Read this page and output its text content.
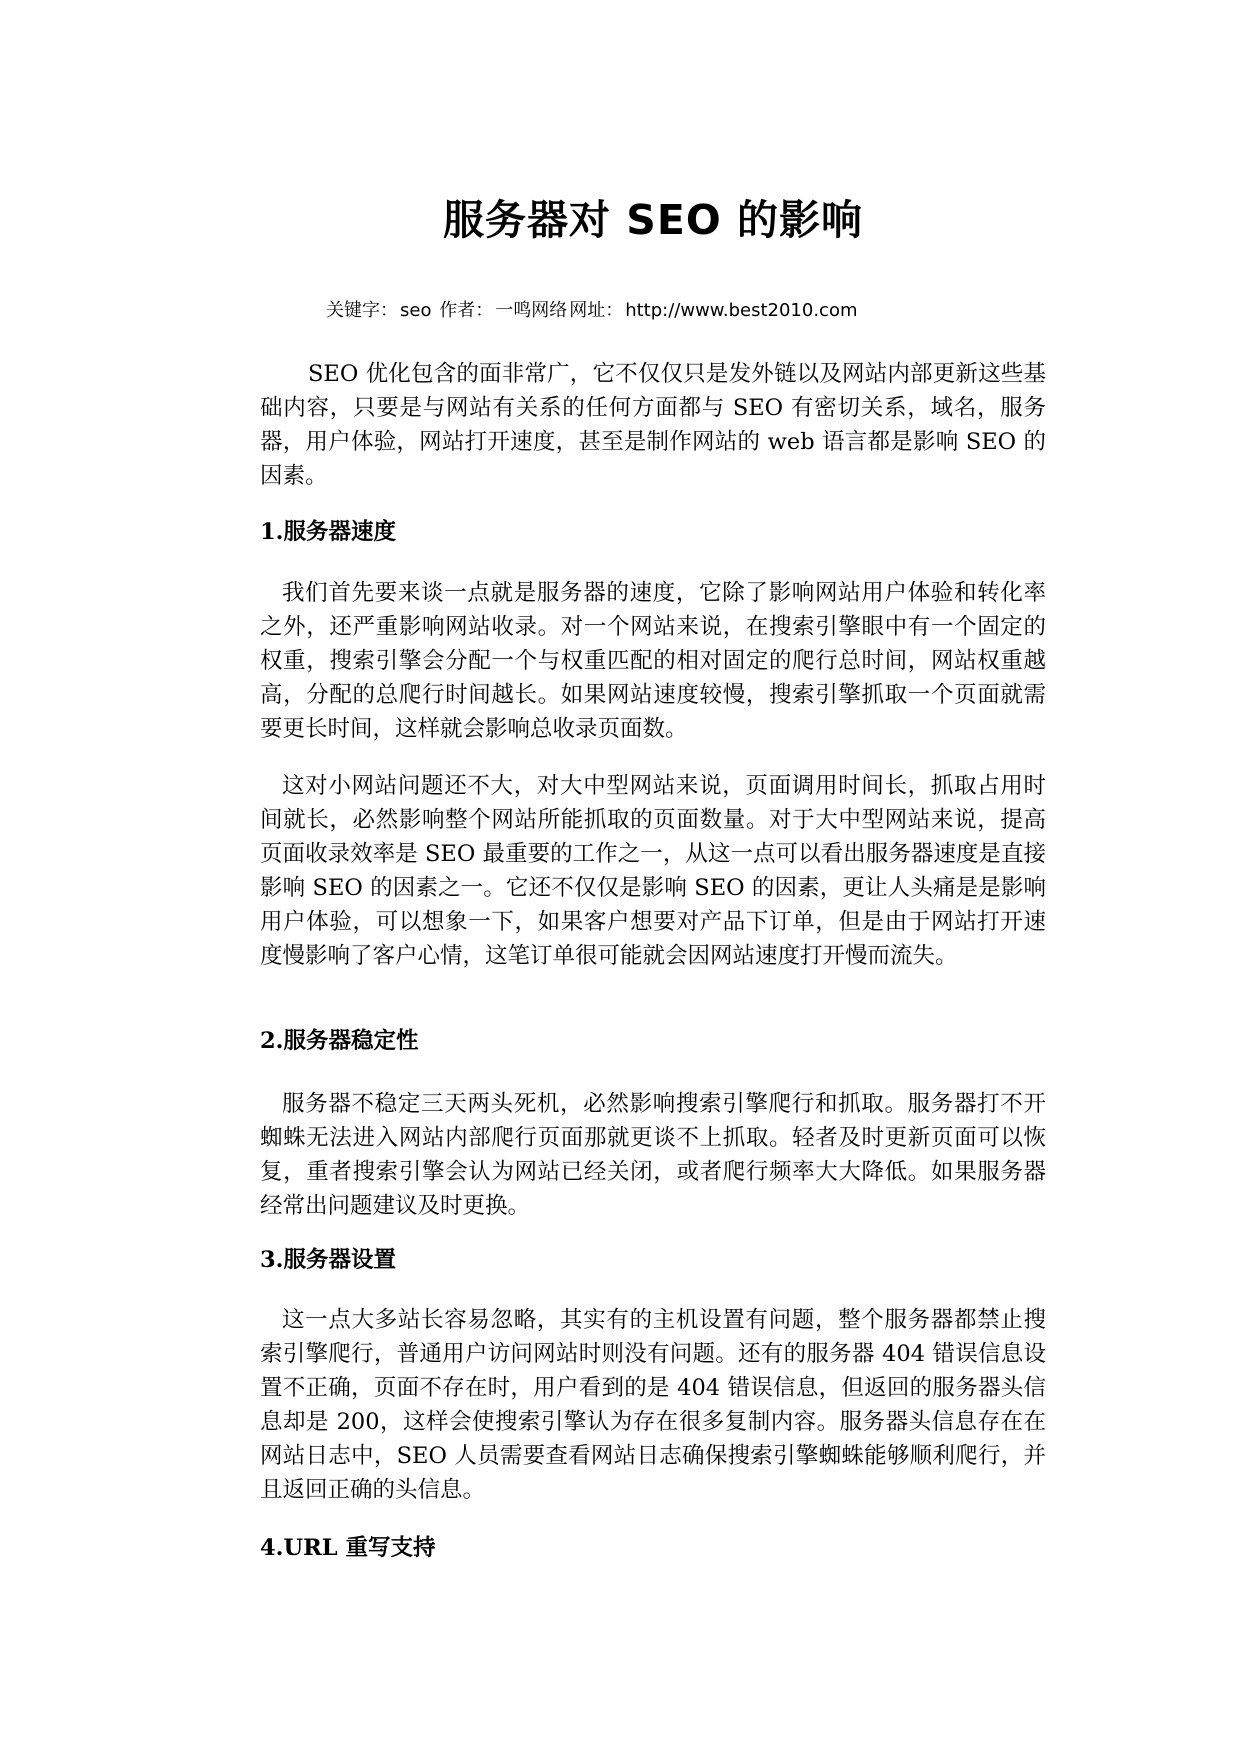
服务器对 SEO 的影响

关键字： seo 作者： 一鸣网络 网址： http://www.best2010.com

SEO 优化包含的面非常广，它不仅仅只是发外链以及网站内部更新这些基础内容，只要是与网站有关系的任何方面都与 SEO 有密切关系，域名，服务器，用户体验，网站打开速度，甚至是制作网站的 web 语言都是影响 SEO 的因素。

1.服务器速度

我们首先要来谈一点就是服务器的速度，它除了影响网站用户体验和转化率之外，还严重影响网站收录。对一个网站来说，在搜索引擎眼中有一个固定的权重，搜索引擎会分配一个与权重匹配的相对固定的爬行总时间，网站权重越高，分配的总爬行时间越长。如果网站速度较慢，搜索引擎抓取一个页面就需要更长时间，这样就会影响总收录页面数。

这对小网站问题还不大，对大中型网站来说，页面调用时间长，抓取占用时间就长，必然影响整个网站所能抓取的页面数量。对于大中型网站来说，提高页面收录效率是 SEO 最重要的工作之一，从这一点可以看出服务器速度是直接影响 SEO 的因素之一。它还不仅仅是影响 SEO 的因素，更让人头痛是是影响用户体验，可以想象一下，如果客户想要对产品下订单，但是由于网站打开速度慢影响了客户心情，这笔订单很可能就会因网站速度打开慢而流失。

2.服务器稳定性

服务器不稳定三天两头死机，必然影响搜索引擎爬行和抓取。服务器打不开蜘蛛无法进入网站内部爬行页面那就更谈不上抓取。轻者及时更新页面可以恢复，重者搜索引擎会认为网站已经关闭，或者爬行频率大大降低。如果服务器经常出问题建议及时更换。

3.服务器设置

这一点大多站长容易忽略，其实有的主机设置有问题，整个服务器都禁止搜索引擎爬行，普通用户访问网站时则没有问题。还有的服务器 404 错误信息设置不正确，页面不存在时，用户看到的是 404 错误信息，但返回的服务器头信息却是 200，这样会使搜索引擎认为存在很多复制内容。服务器头信息存在在网站日志中，SEO 人员需要查看网站日志确保搜索引擎蜘蛛能够顺利爬行，并且返回正确的头信息。

4.URL 重写支持
